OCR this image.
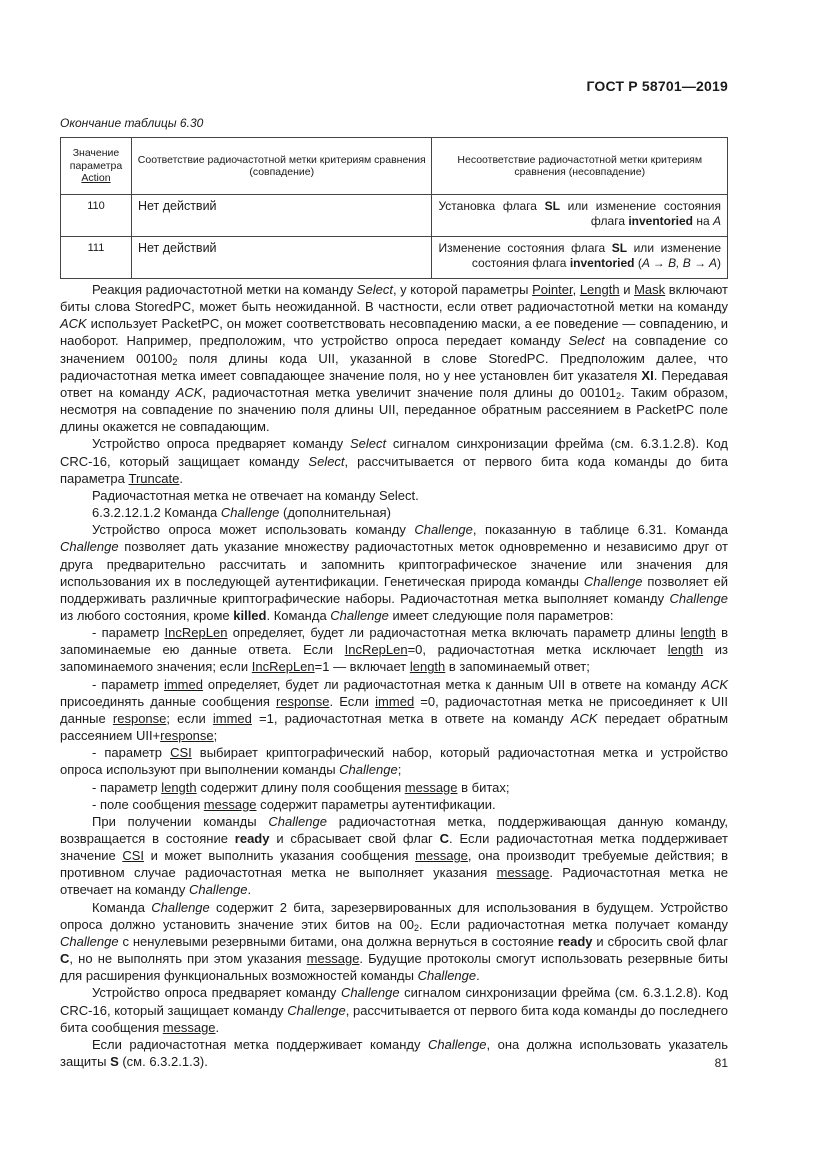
ГОСТ Р 58701—2019
Окончание таблицы 6.30
Значение
параметра
Action	Соответствие радиочастотной метки критериям сравнения (совпадение)	Несоответствие радиочастотной метки критериям сравнения (несовпадение)
110	Нет действий	Установка флага SL или изменение состояния флага inventoried на A
111	Нет действий	Изменение состояния флага SL или изменение состояния флага inventoried (A → B, B → A)

Реакция радиочастотной метки на команду Select, у которой параметры Pointer, Length и Mask включают биты слова StoredPC, может быть неожиданной. В частности, если ответ радиочастотной метки на команду ACK использует PacketPC, он может соответствовать несовпадению маски, а ее поведение — совпадению, и наоборот. Например, предположим, что устройство опроса передает команду Select на совпадение со значением $00100_2$ поля длины кода UII, указанной в слове StoredPC. Предположим далее, что радиочастотная метка имеет совпадающее значение поля, но у нее установлен бит указателя XI. Передавая ответ на команду ACK, радиочастотная метка увеличит значение поля длины до $00101_2$. Таким образом, несмотря на совпадение по значению поля длины UII, переданное обратным рассеянием в PacketPC поле длины окажется не совпадающим.

Устройство опроса предваряет команду Select сигналом синхронизации фрейма (см. 6.3.1.2.8). Код CRC-16, который защищает команду Select, рассчитывается от первого бита кода команды до бита параметра Truncate.

Радиочастотная метка не отвечает на команду Select.

6.3.2.12.1.2 Команда Challenge (дополнительная)

Устройство опроса может использовать команду Challenge, показанную в таблице 6.31. Команда Challenge позволяет дать указание множеству радиочастотных меток одновременно и независимо друг от друга предварительно рассчитать и запомнить криптографическое значение или значения для использования их в последующей аутентификации. Генетическая природа команды Challenge позволяет ей поддерживать различные криптографические наборы. Радиочастотная метка выполняет команду Challenge из любого состояния, кроме killed. Команда Challenge имеет следующие поля параметров:

- параметр IncRepLen определяет, будет ли радиочастотная метка включать параметр длины length в запоминаемые ею данные ответа. Если IncRepLen=0, радиочастотная метка исключает length из запоминаемого значения; если IncRepLen=1 — включает length в запоминаемый ответ;

- параметр immed определяет, будет ли радиочастотная метка к данным UII в ответе на команду ACK присоединять данные сообщения response. Если immed =0, радиочастотная метка не присоединяет к UII данные response; если immed =1, радиочастотная метка в ответе на команду ACK передает обратным рассеянием UII+response;

- параметр CSI выбирает криптографический набор, который радиочастотная метка и устройство опроса используют при выполнении команды Challenge;

- параметр length содержит длину поля сообщения message в битах;

- поле сообщения message содержит параметры аутентификации.

При получении команды Challenge радиочастотная метка, поддерживающая данную команду, возвращается в состояние ready и сбрасывает свой флаг C. Если радиочастотная метка поддерживает значение CSI и может выполнить указания сообщения message, она производит требуемые действия; в противном случае радиочастотная метка не выполняет указания message. Радиочастотная метка не отвечает на команду Challenge.

Команда Challenge содержит 2 бита, зарезервированных для использования в будущем. Устройство опроса должно установить значение этих битов на $00_2$. Если радиочастотная метка получает команду Challenge с ненулевыми резервными битами, она должна вернуться в состояние ready и сбросить свой флаг C, но не выполнять при этом указания message. Будущие протоколы смогут использовать резервные биты для расширения функциональных возможностей команды Challenge.

Устройство опроса предваряет команду Challenge сигналом синхронизации фрейма (см. 6.3.1.2.8). Код CRC-16, который защищает команду Challenge, рассчитывается от первого бита кода команды до последнего бита сообщения message.

Если радиочастотная метка поддерживает команду Challenge, она должна использовать указатель защиты S (см. 6.3.2.1.3).	81
